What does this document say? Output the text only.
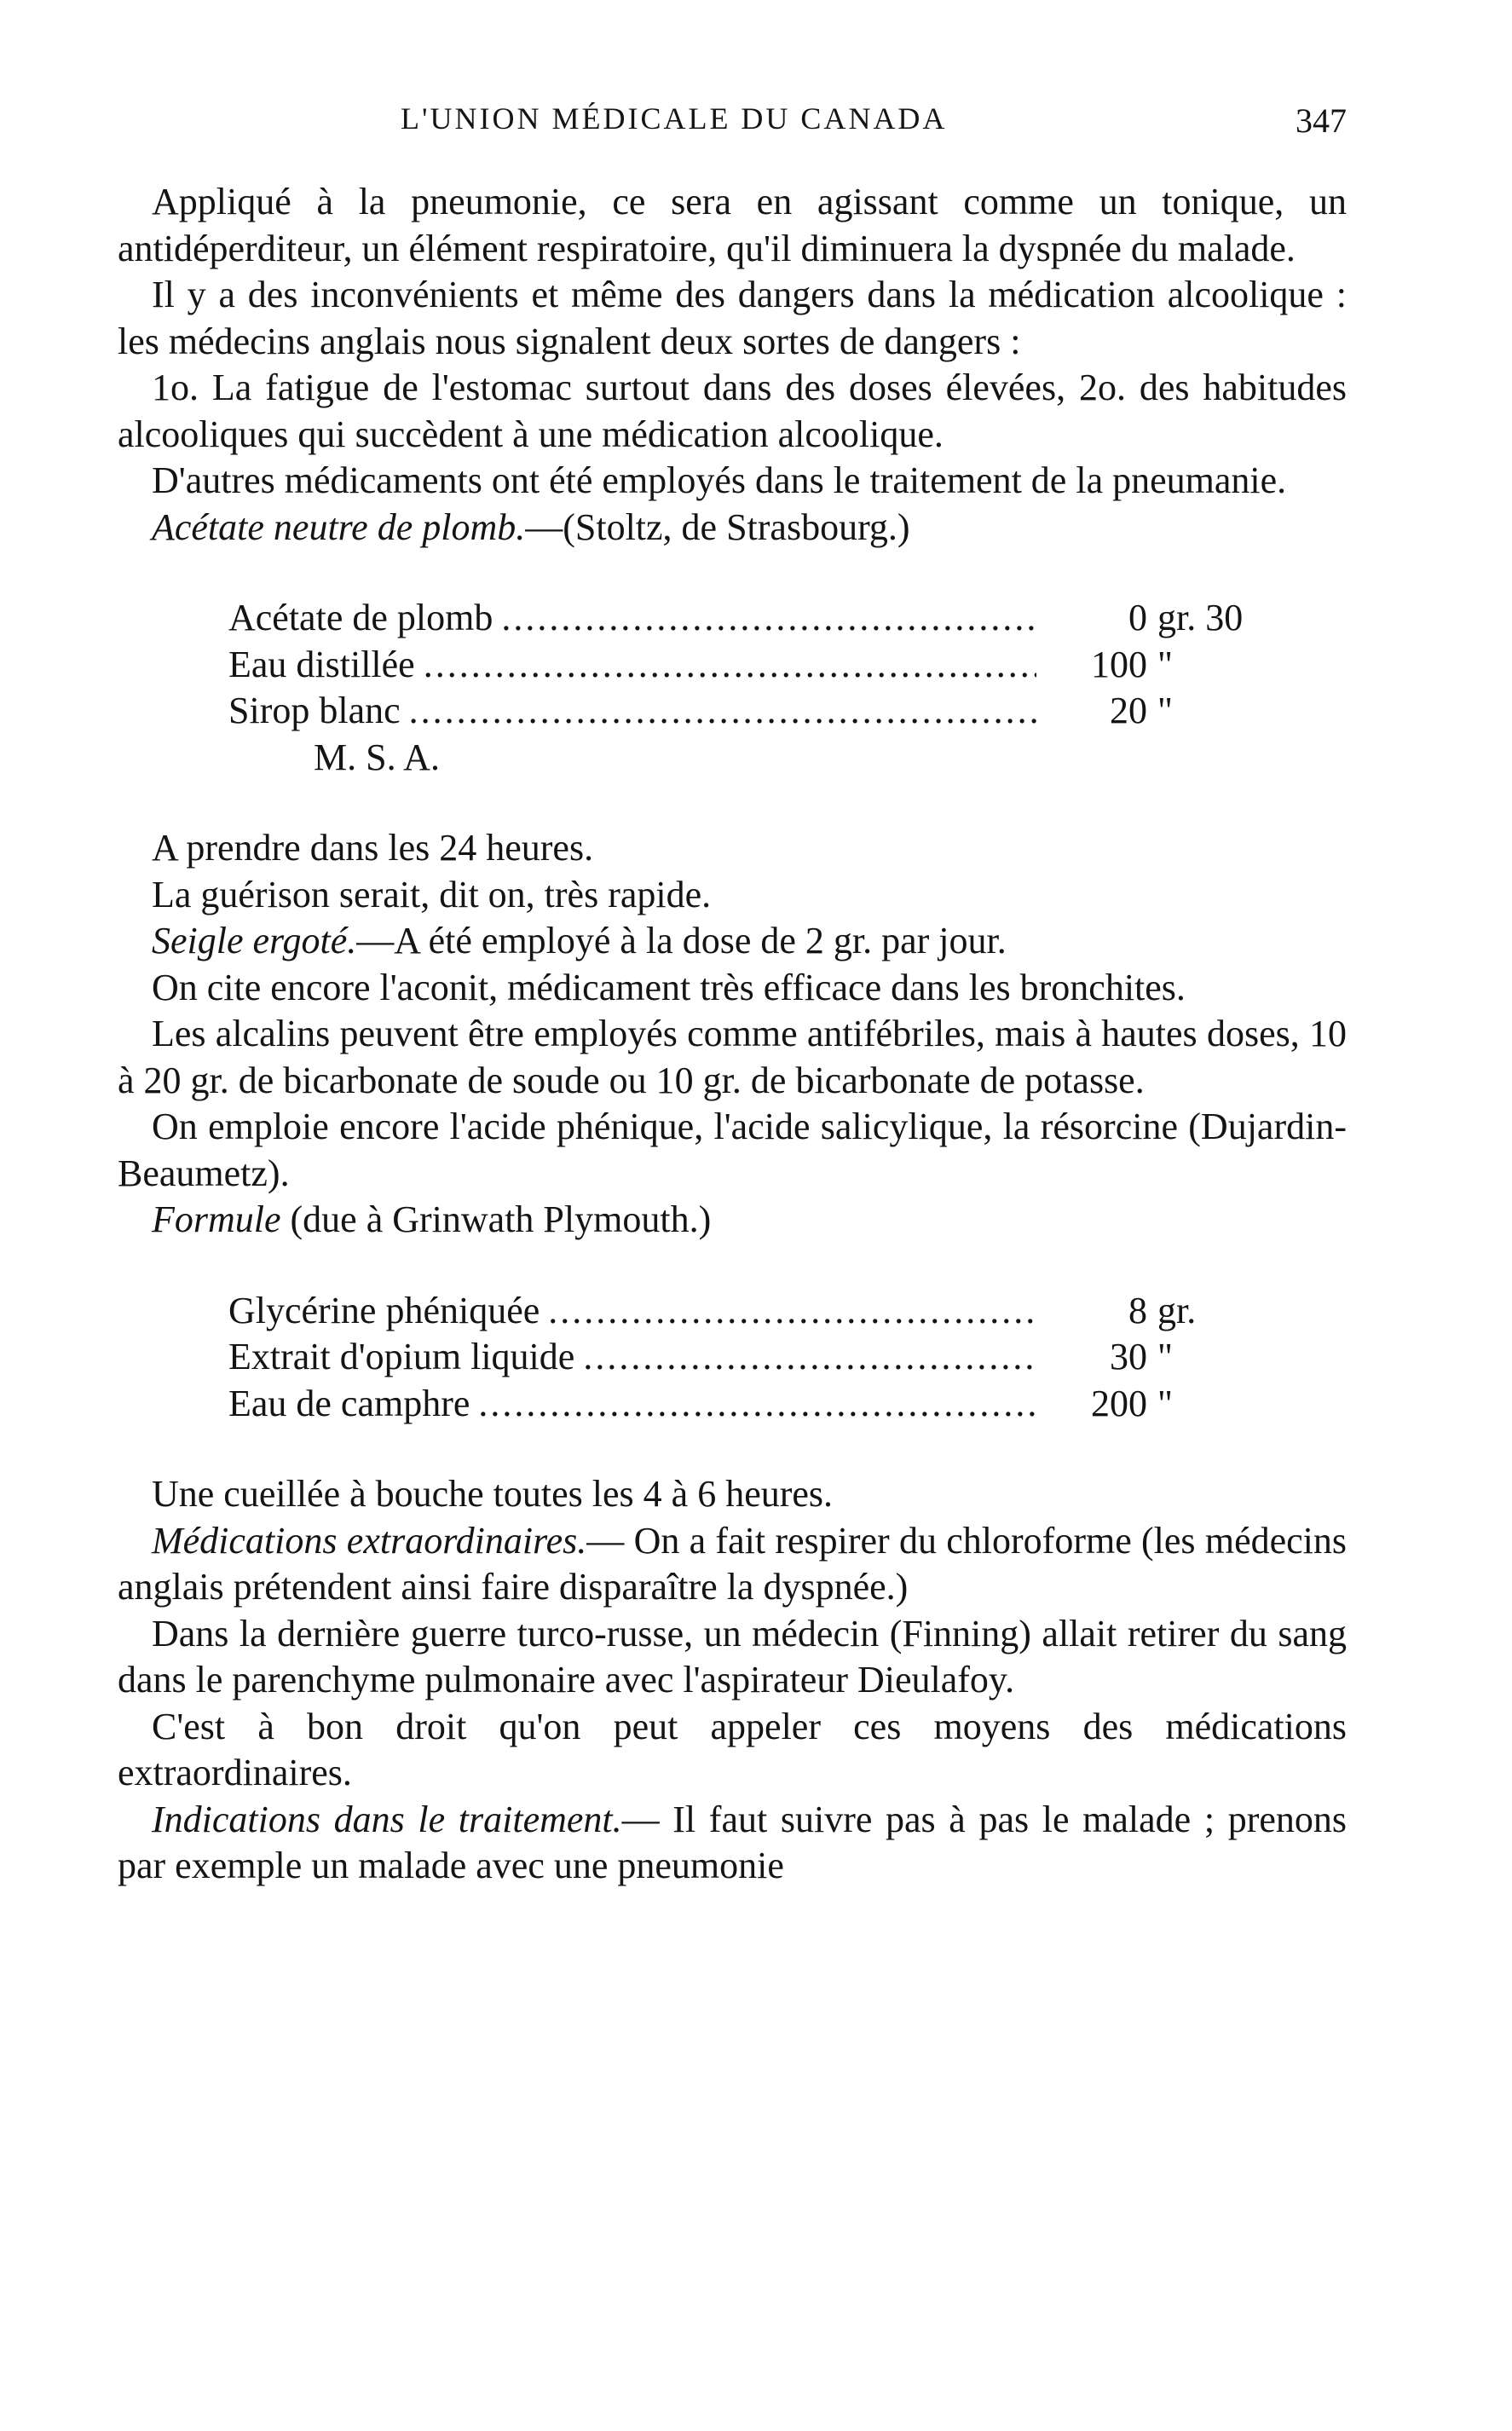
L'UNION MÉDICALE DU CANADA	347

Appliqué à la pneumonie, ce sera en agissant comme un tonique, un antidéperditeur, un élément respiratoire, qu'il diminuera la dyspnée du malade.

Il y a des inconvénients et même des dangers dans la médication alcoolique : les médecins anglais nous signalent deux sortes de dangers :

1o. La fatigue de l'estomac surtout dans des doses élevées, 2o. des habitudes alcooliques qui succèdent à une médication alcoolique.

D'autres médicaments ont été employés dans le traitement de la pneumanie.

Acétate neutre de plomb.—(Stoltz, de Strasbourg.)

Acétate de plomb . . .	0 gr. 30
Eau distillée . . .	100 "
Sirop blanc . . .	20 "
M. S. A.

A prendre dans les 24 heures.

La guérison serait, dit on, très rapide.

Seigle ergoté.—A été employé à la dose de 2 gr. par jour.

On cite encore l'aconit, médicament très efficace dans les bronchites.

Les alcalins peuvent être employés comme antifébriles, mais à hautes doses, 10 à 20 gr. de bicarbonate de soude ou 10 gr. de bicarbonate de potasse.

On emploie encore l'acide phénique, l'acide salicylique, la résorcine (Dujardin-Beaumetz).

Formule (due à Grinwath Plymouth.)

Glycérine phéniquée . . .	8 gr.
Extrait d'opium liquide . . .	30 "
Eau de camphre . . .	200 "

Une cueillée à bouche toutes les 4 à 6 heures.

Médications extraordinaires.— On a fait respirer du chloroforme (les médecins anglais prétendent ainsi faire disparaître la dyspnée.)

Dans la dernière guerre turco-russe, un médecin (Finning) allait retirer du sang dans le parenchyme pulmonaire avec l'aspirateur Dieulafoy.

C'est à bon droit qu'on peut appeler ces moyens des médications extraordinaires.

Indications dans le traitement.— Il faut suivre pas à pas le malade ; prenons par exemple un malade avec une pneumonie
